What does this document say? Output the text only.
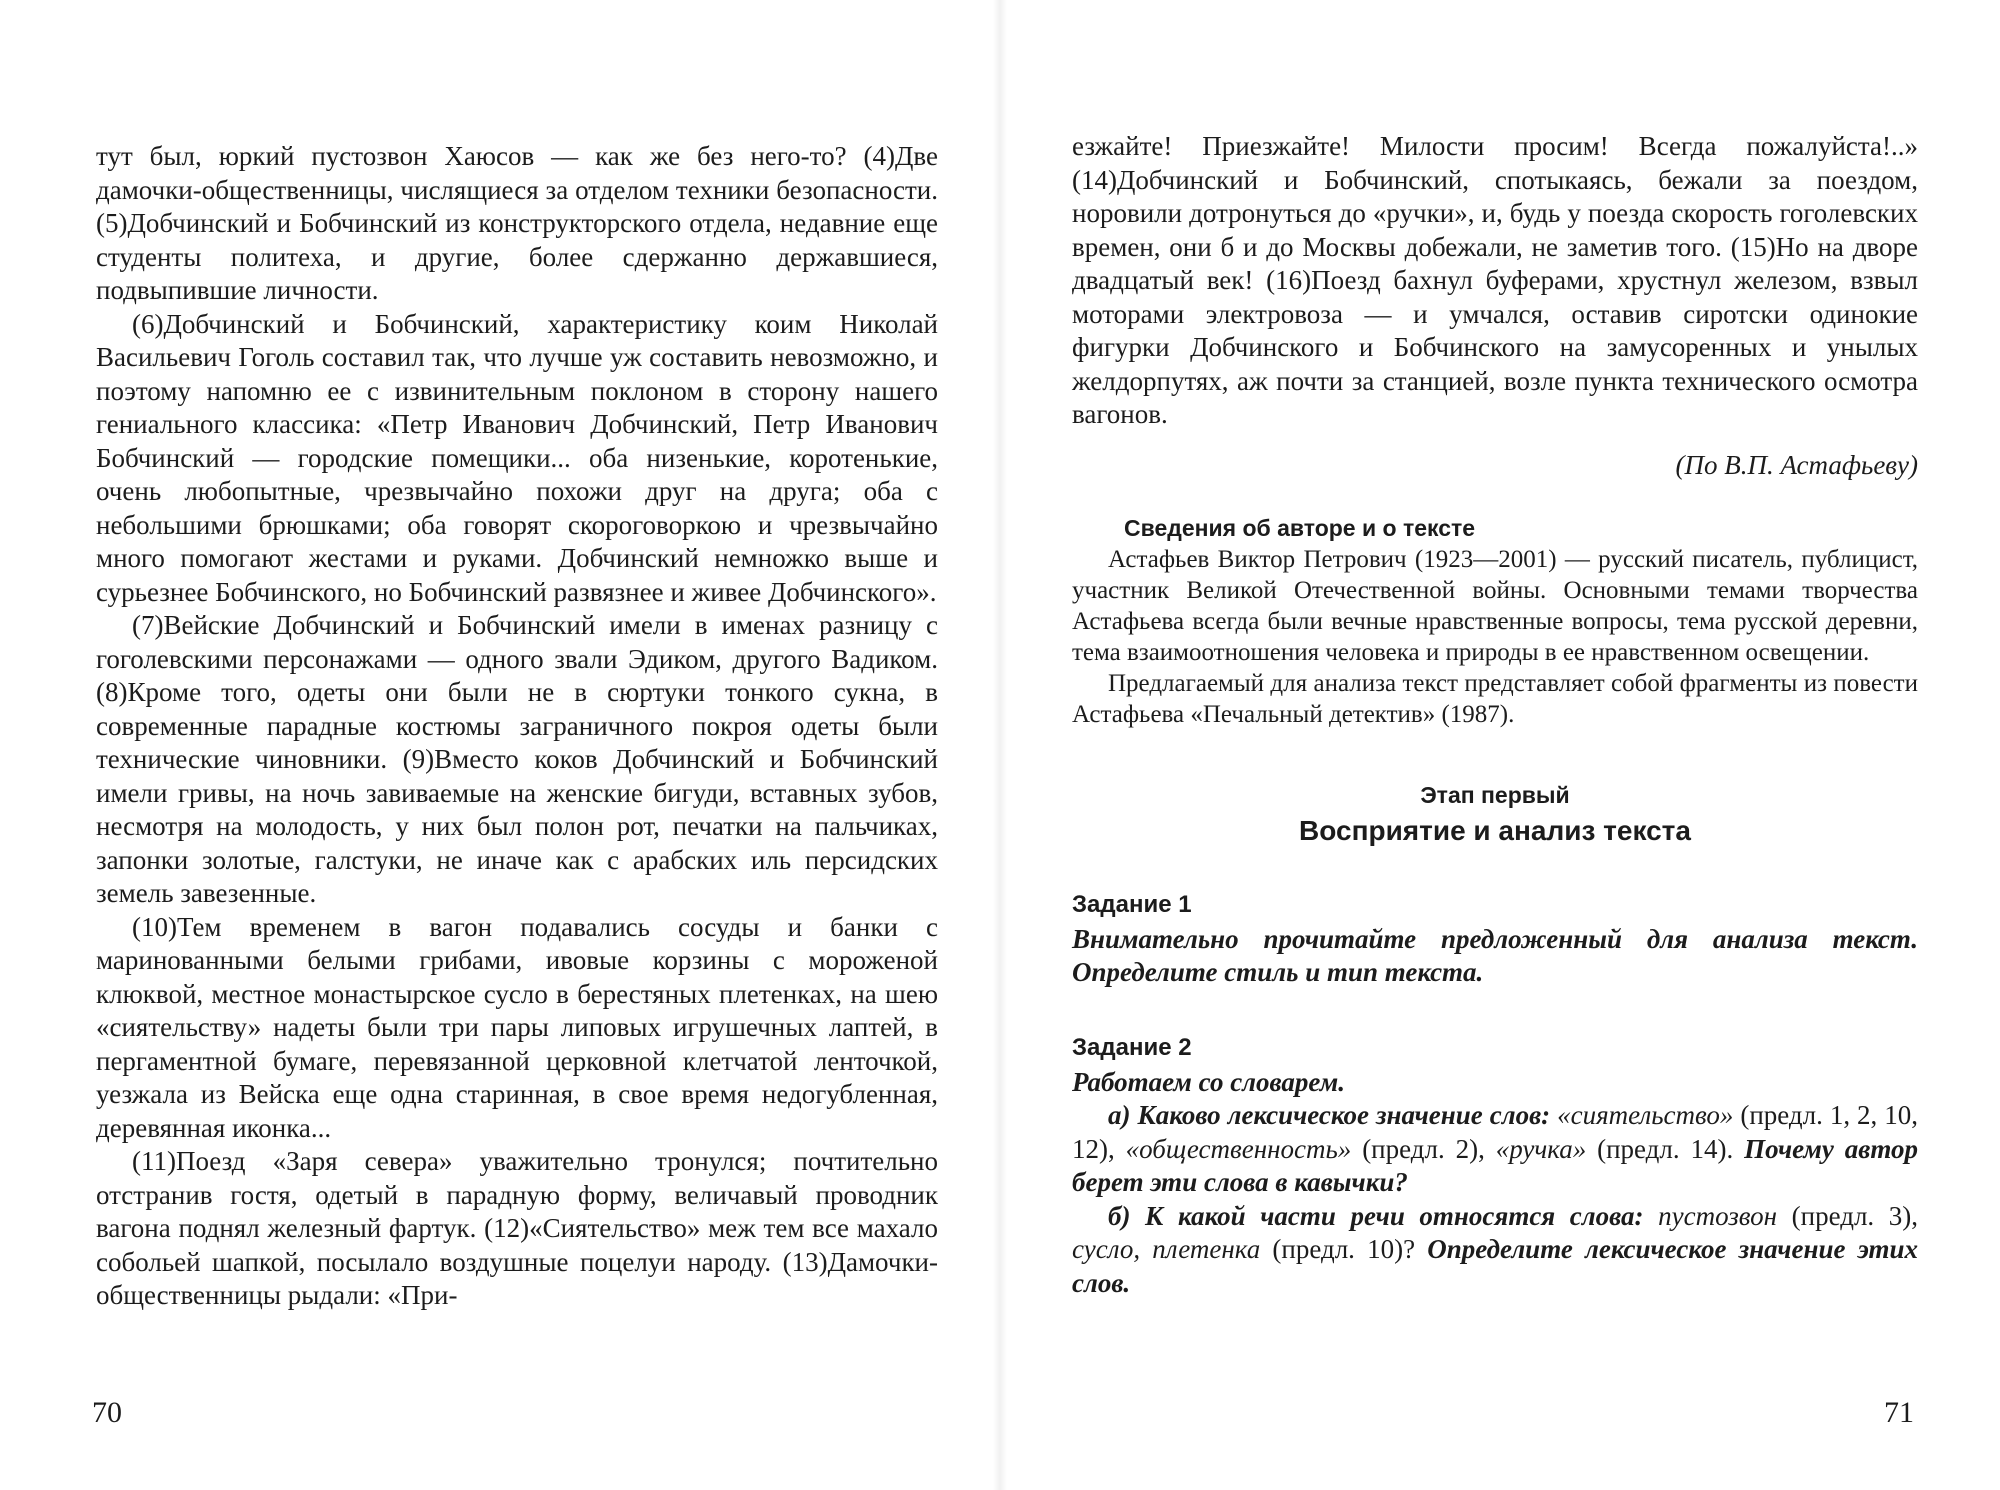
тут был, юркий пустозвон Хаюсов — как же без него-то? (4)Две дамочки-общественницы, числящиеся за отделом техники безопасности. (5)Добчинский и Бобчинский из конструкторского отдела, недавние еще студенты политеха, и другие, более сдержанно державшиеся, подвыпившие личности.

(6)Добчинский и Бобчинский, характеристику коим Николай Васильевич Гоголь составил так, что лучше уж составить невозможно, и поэтому напомню ее с извинительным поклоном в сторону нашего гениального классика: «Петр Иванович Добчинский, Петр Иванович Бобчинский — городские помещики... оба низенькие, коротенькие, очень любопытные, чрезвычайно похожи друг на друга; оба с небольшими брюшками; оба говорят скороговоркою и чрезвычайно много помогают жестами и руками. Добчинский немножко выше и сурьезнее Бобчинского, но Бобчинский развязнее и живее Добчинского».

(7)Вейские Добчинский и Бобчинский имели в именах разницу с гоголевскими персонажами — одного звали Эдиком, другого Вадиком. (8)Кроме того, одеты они были не в сюртуки тонкого сукна, в современные парадные костюмы заграничного покроя одеты были технические чиновники. (9)Вместо коков Добчинский и Бобчинский имели гривы, на ночь завиваемые на женские бигуди, вставных зубов, несмотря на молодость, у них был полон рот, печатки на пальчиках, запонки золотые, галстуки, не иначе как с арабских иль персидских земель завезенные.

(10)Тем временем в вагон подавались сосуды и банки с маринованными белыми грибами, ивовые корзины с мороженой клюквой, местное монастырское сусло в берестяных плетенках, на шею «сиятельству» надеты были три пары липовых игрушечных лаптей, в пергаментной бумаге, перевязанной церковной клетчатой ленточкой, уезжала из Вейска еще одна старинная, в свое время недогубленная, деревянная иконка...

(11)Поезд «Заря севера» уважительно тронулся; почтительно отстранив гостя, одетый в парадную форму, величавый проводник вагона поднял железный фартук. (12)«Сиятельство» меж тем все махало собольей шапкой, посылало воздушные поцелуи народу. (13)Дамочки-общественницы рыдали: «При-

70

езжайте! Приезжайте! Милости просим! Всегда пожалуйста!..» (14)Добчинский и Бобчинский, спотыкаясь, бежали за поездом, норовили дотронуться до «ручки», и, будь у поезда скорость гоголевских времен, они б и до Москвы добежали, не заметив того. (15)Но на дворе двадцатый век! (16)Поезд бахнул буферами, хрустнул железом, взвыл моторами электровоза — и умчался, оставив сиротски одинокие фигурки Добчинского и Бобчинского на замусоренных и унылых желдорпутях, аж почти за станцией, возле пункта технического осмотра вагонов.

(По В.П. Астафьеву)
Сведения об авторе и о тексте

Астафьев Виктор Петрович (1923—2001) — русский писатель, публицист, участник Великой Отечественной войны. Основными темами творчества Астафьева всегда были вечные нравственные вопросы, тема русской деревни, тема взаимоотношения человека и природы в ее нравственном освещении.

Предлагаемый для анализа текст представляет собой фрагменты из повести Астафьева «Печальный детектив» (1987).

Этап первый
Восприятие и анализ текста
Задание 1

Внимательно прочитайте предложенный для анализа текст. Определите стиль и тип текста.

Задание 2

Работаем со словарем.

а) Каково лексическое значение слов: «сиятельство» (предл. 1, 2, 10, 12), «общественность» (предл. 2), «ручка» (предл. 14). Почему автор берет эти слова в кавычки?

б) К какой части речи относятся слова: пустозвон (предл. 3), сусло, плетенка (предл. 10)? Определите лексическое значение этих слов.

71
